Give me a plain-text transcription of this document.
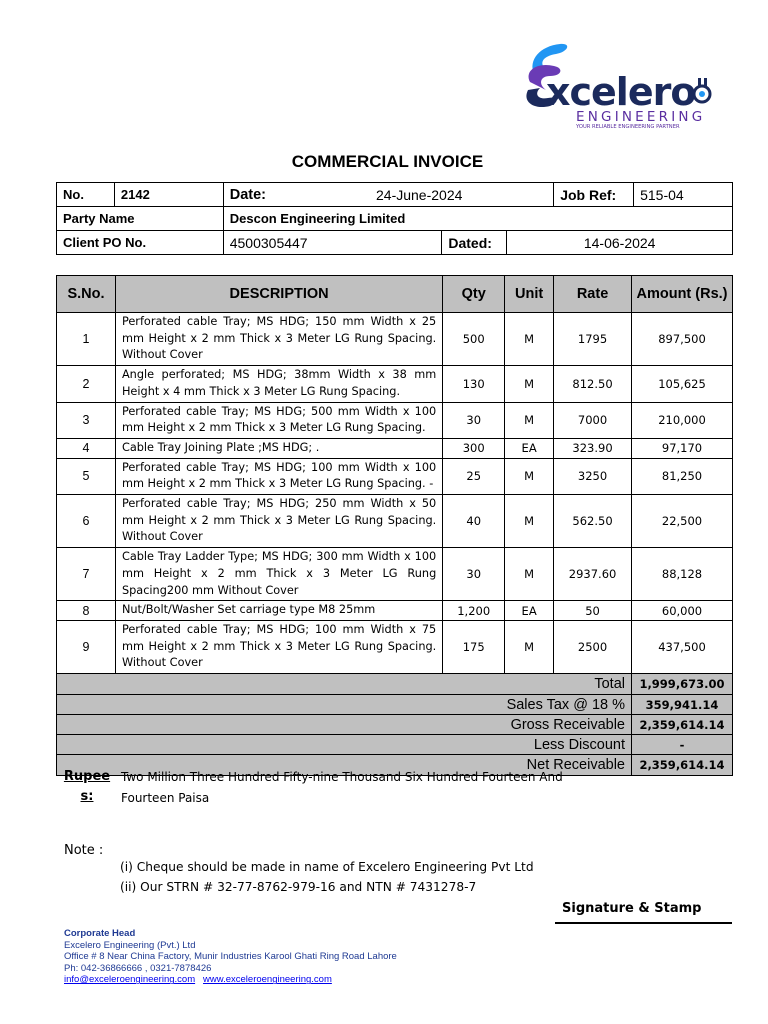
xcelero
ENGINEERING
YOUR RELIABLE ENGINEERING PARTNER
COMMERCIAL INVOICE
No.	2142	Date: 24-June-2024			Job Ref:	515-04
Party Name		Descon Engineering Limited				
Client PO No.		4500305447	Dated:	14-06-2024		
S.No.	DESCRIPTION	Qty	Unit	Rate	Amount (Rs.)
1	Perforated cable Tray; MS HDG; 150 mm Width x 25 mm Height x 2 mm Thick x 3 Meter LG Rung Spacing. Without Cover	500	M	1795	897,500
2	Angle perforated; MS HDG; 38mm Width x 38 mm Height x 4 mm Thick x 3 Meter LG Rung Spacing.	130	M	812.50	105,625
3	Perforated cable Tray; MS HDG; 500 mm Width x 100 mm Height x 2 mm Thick x 3 Meter LG Rung Spacing.	30	M	7000	210,000
4	Cable Tray Joining Plate ;MS HDG; .	300	EA	323.90	97,170
5	Perforated cable Tray; MS HDG; 100 mm Width x 100 mm Height x 2 mm Thick x 3 Meter LG Rung Spacing. -	25	M	3250	81,250
6	Perforated cable Tray; MS HDG; 250 mm Width x 50 mm Height x 2 mm Thick x 3 Meter LG Rung Spacing. Without Cover	40	M	562.50	22,500
7	Cable Tray Ladder Type; MS HDG; 300 mm Width x 100 mm Height x 2 mm Thick x 3 Meter LG Rung Spacing200 mm Without Cover	30	M	2937.60	88,128
8	Nut/Bolt/Washer Set carriage type M8 25mm	1,200	EA	50	60,000
9	Perforated cable Tray; MS HDG; 100 mm Width x 75 mm Height x 2 mm Thick x 3 Meter LG Rung Spacing. Without Cover	175	M	2500	437,500
Total					1,999,673.00
Sales Tax @ 18 %					359,941.14
Gross Receivable					2,359,614.14
Less Discount					-
Net Receivable					2,359,614.14
Rupee
s:
Two Million Three Hundred Fifty-nine Thousand Six Hundred Fourteen And
Fourteen Paisa
Note :
(i) Cheque should be made in name of Excelero Engineering Pvt Ltd
(ii) Our STRN # 32-77-8762-979-16 and NTN # 7431278-7
Signature & Stamp
Corporate Head
Excelero Engineering (Pvt.) Ltd
Office # 8 Near China Factory, Munir Industries Karool Ghati Ring Road Lahore
Ph: 042-36866666 , 0321-7878426
info@exceleroengineering.com www.exceleroengineering.com
